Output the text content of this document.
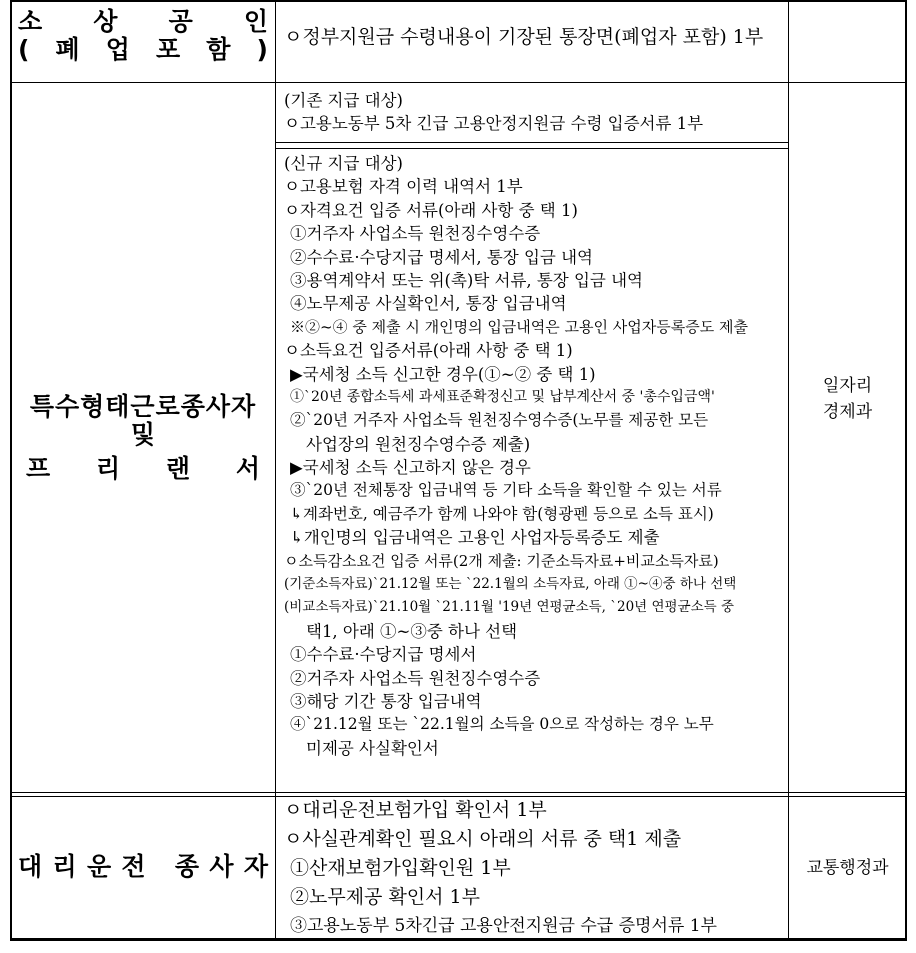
소 상 공 인
( 폐 업 포 함 ) ㅇ정부지원금 수령내용이 기장된 통장면(폐업자 포함) 1부
특수형태근로종사자
및
프 리 랜 서
(기존 지급 대상)
ㅇ고용노동부 5차 긴급 고용안정지원금 수령 입증서류 1부
(신규 지급 대상)
ㅇ고용보험 자격 이력 내역서 1부
ㅇ자격요건 입증 서류(아래 사항 중 택 1)
①거주자 사업소득 원천징수영수증
②수수료·수당지급 명세서, 통장 입금 내역
③용역계약서 또는 위(촉)탁 서류, 통장 입금 내역
④노무제공 사실확인서, 통장 입금내역
※②~④ 중 제출 시 개인명의 입금내역은 고용인 사업자등록증도 제출
ㅇ소득요건 입증서류(아래 사항 중 택 1)
▶국세청 소득 신고한 경우(①~② 중 택 1)
①`20년 종합소득세 과세표준확정신고 및 납부계산서 중 '총수입금액'
②`20년 거주자 사업소득 원천징수영수증(노무를 제공한 모든
사업장의 원천징수영수증 제출)
▶국세청 소득 신고하지 않은 경우
③`20년 전체통장 입금내역 등 기타 소득을 확인할 수 있는 서류
↳계좌번호, 예금주가 함께 나와야 함(형광펜 등으로 소득 표시)
↳개인명의 입금내역은 고용인 사업자등록증도 제출
ㅇ소득감소요건 입증 서류(2개 제출: 기준소득자료+비교소득자료)
(기준소득자료)`21.12월 또는 `22.1월의 소득자료, 아래 ①~④중 하나 선택
(비교소득자료)`21.10월 `21.11월 '19년 연평균소득, `20년 연평균소득 중
택1, 아래 ①~③중 하나 선택
①수수료·수당지급 명세서
②거주자 사업소득 원천징수영수증
③해당 기간 통장 입금내역
④`21.12월 또는 `22.1월의 소득을 0으로 작성하는 경우 노무
미제공 사실확인서
일자리
경제과
대 리 운 전
종 사 자
ㅇ대리운전보험가입 확인서 1부
ㅇ사실관계확인 필요시 아래의 서류 중 택1 제출
①산재보험가입확인원 1부
②노무제공 확인서 1부
③고용노동부 5차긴급 고용안전지원금 수급 증명서류 1부
교통행정과
